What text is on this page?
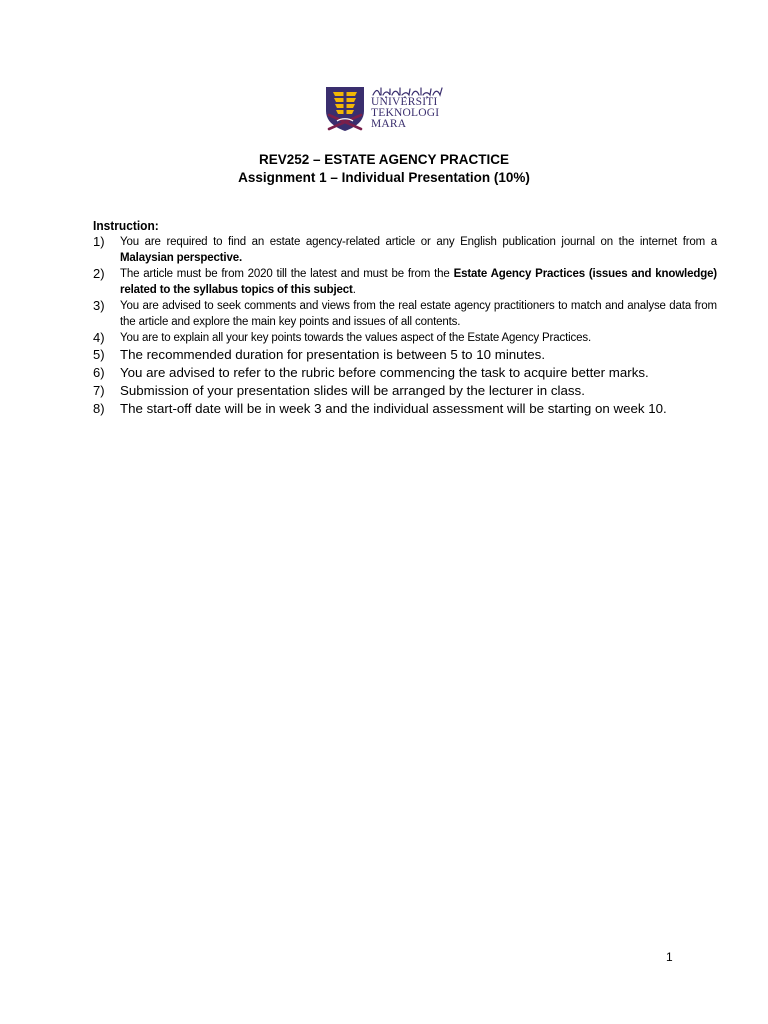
UNIVERSITI
TEKNOLOGI
MARA
REV252 – ESTATE AGENCY PRACTICE
Assignment 1 – Individual Presentation (10%)
Instruction:
1)	You are required to find an estate agency-related article or any English publication journal on the internet from a Malaysian perspective.
2)	The article must be from 2020 till the latest and must be from the Estate Agency Practices (issues and knowledge) related to the syllabus topics of this subject.
3)	You are advised to seek comments and views from the real estate agency practitioners to match and analyse data from the article and explore the main key points and issues of all contents.
4)	You are to explain all your key points towards the values aspect of the Estate Agency Practices.
5)	The recommended duration for presentation is between 5 to 10 minutes.
6)	You are advised to refer to the rubric before commencing the task to acquire better marks.
7)	Submission of your presentation slides will be arranged by the lecturer in class.
8)	The start-off date will be in week 3 and the individual assessment will be starting on week 10.
1
